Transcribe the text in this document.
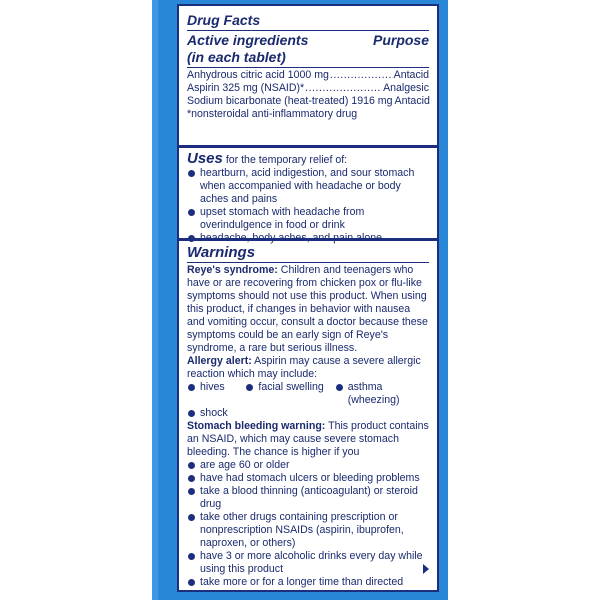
Drug Facts
Active ingredients
(in each tablet)
Purpose
Anhydrous citric acid 1000 mg .....	Antacid
Aspirin 325 mg (NSAID)* .....	Analgesic
Sodium bicarbonate (heat-treated) 1916 mg Antacid
*nonsteroidal anti-inflammatory drug
Uses for the temporary relief of:
heartburn, acid indigestion, and sour stomach when accompanied with headache or body aches and pains
upset stomach with headache from overindulgence in food or drink
Warnings
Reye's syndrome: Children and teenagers who have or are recovering from chicken pox or flu-like symptoms should not use this product. When using this product, if changes in behavior with nausea and vomiting occur, consult a doctor because these symptoms could be an early sign of Reye's syndrome, a rare but serious illness.
Allergy alert: Aspirin may cause a severe allergic reaction which may include:
hives	facial swelling	asthma (wheezing)
shock
Stomach bleeding warning: This product contains an NSAID, which may cause severe stomach bleeding. The chance is higher if you
are age 60 or older
have had stomach ulcers or bleeding problems
take a blood thinning (anticoagulant) or steroid drug
take other drugs containing prescription or nonprescription NSAIDs (aspirin, ibuprofen, naproxen, or others)
have 3 or more alcoholic drinks every day while using this product
take more or for a longer time than directed
